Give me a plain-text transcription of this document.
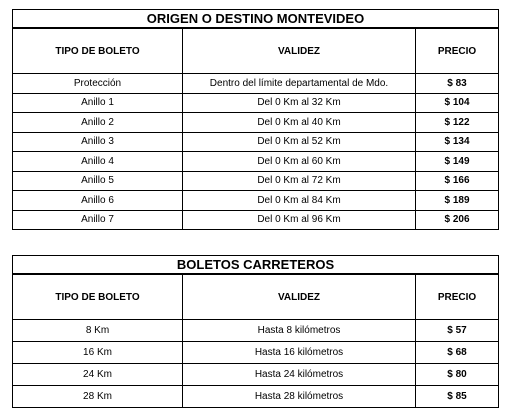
ORIGEN O DESTINO MONTEVIDEO		
TIPO DE BOLETO	VALIDEZ	PRECIO
Protección	Dentro del límite departamental de Mdo.	$ 83
Anillo 1	Del 0 Km al 32 Km	$ 104
Anillo 2	Del 0 Km al 40 Km	$ 122
Anillo 3	Del 0 Km al 52 Km	$ 134
Anillo 4	Del 0 Km al 60 Km	$ 149
Anillo 5	Del 0 Km al 72 Km	$ 166
Anillo 6	Del 0 Km al 84 Km	$ 189
Anillo 7	Del 0 Km al 96 Km	$ 206
BOLETOS CARRETEROS		
TIPO DE BOLETO	VALIDEZ	PRECIO
8 Km	Hasta 8 kilómetros	$ 57
16 Km	Hasta 16 kilómetros	$ 68
24 Km	Hasta 24 kilómetros	$ 80
28 Km	Hasta 28 kilómetros	$ 85
